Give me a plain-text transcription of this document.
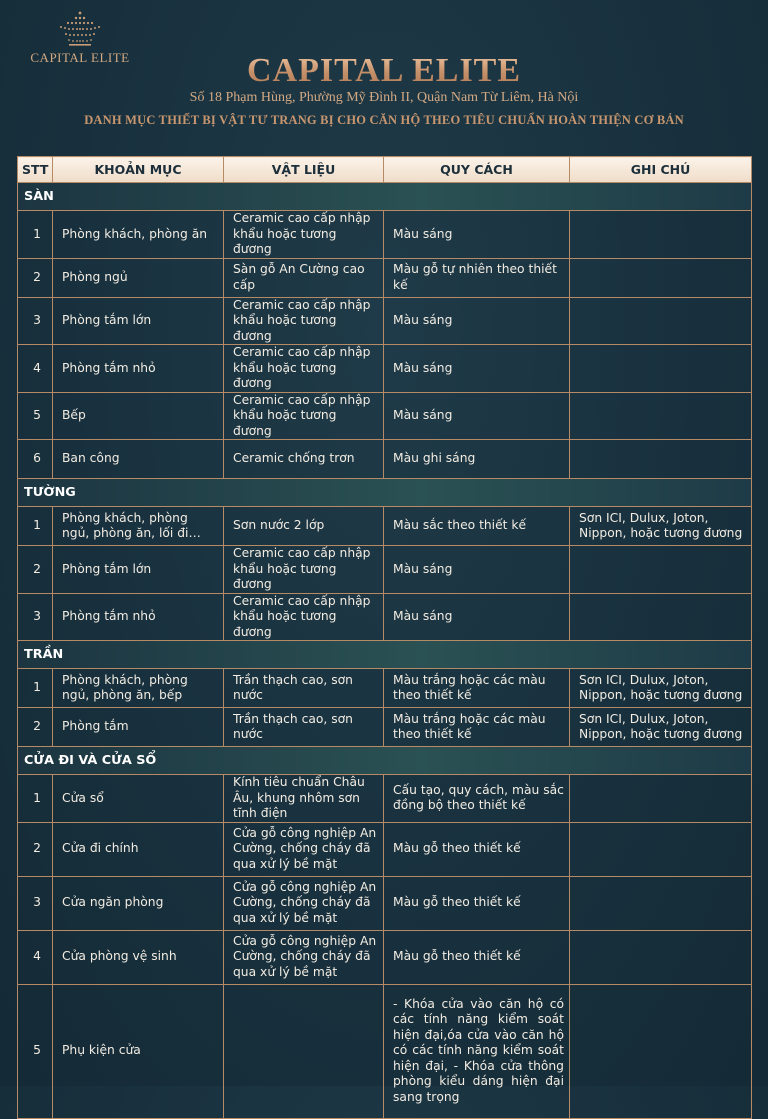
CAPITAL ELITE
Số 18 Phạm Hùng, Phường Mỹ Đình II, Quận Nam Từ Liêm, Hà Nội
DANH MỤC THIẾT BỊ VẬT TƯ TRANG BỊ CHO CĂN HỘ THEO TIÊU CHUẨN HOÀN THIỆN CƠ BẢN
STT	KHOẢN MỤC	VẬT LIỆU	QUY CÁCH	GHI CHÚ
SÀN				
1	Phòng khách, phòng ăn	Ceramic cao cấp nhập khẩu hoặc tương đương	Màu sáng	
2	Phòng ngủ	Sàn gỗ An Cường cao cấp	Màu gỗ tự nhiên theo thiết kế	
3	Phòng tắm lớn	Ceramic cao cấp nhập khẩu hoặc tương đương	Màu sáng	
4	Phòng tắm nhỏ	Ceramic cao cấp nhập khẩu hoặc tương đương	Màu sáng	
5	Bếp	Ceramic cao cấp nhập khẩu hoặc tương đương	Màu sáng	
6	Ban công	Ceramic chống trơn	Màu ghi sáng	
TƯỜNG				
1	Phòng khách, phòng ngủ, phòng ăn, lối đi…	Sơn nước 2 lớp	Màu sắc theo thiết kế	Sơn ICI, Dulux, Joton, Nippon, hoặc tương đương
2	Phòng tắm lớn	Ceramic cao cấp nhập khẩu hoặc tương đương	Màu sáng	
3	Phòng tắm nhỏ	Ceramic cao cấp nhập khẩu hoặc tương đương	Màu sáng	
TRẦN				
1	Phòng khách, phòng ngủ, phòng ăn, bếp	Trần thạch cao, sơn nước	Màu trắng hoặc các màu theo thiết kế	Sơn ICI, Dulux, Joton, Nippon, hoặc tương đương
2	Phòng tắm	Trần thạch cao, sơn nước	Màu trắng hoặc các màu theo thiết kế	Sơn ICI, Dulux, Joton, Nippon, hoặc tương đương
CỬA ĐI VÀ CỬA SỔ				
1	Cửa sổ	Kính tiêu chuẩn Châu Âu, khung nhôm sơn tĩnh điện	Cấu tạo, quy cách, màu sắc đồng bộ theo thiết kế	
2	Cửa đi chính	Cửa gỗ công nghiệp An Cường, chống cháy đã qua xử lý bề mặt	Màu gỗ theo thiết kế	
3	Cửa ngăn phòng	Cửa gỗ công nghiệp An Cường, chống cháy đã qua xử lý bề mặt	Màu gỗ theo thiết kế	
4	Cửa phòng vệ sinh	Cửa gỗ công nghiệp An Cường, chống cháy đã qua xử lý bề mặt	Màu gỗ theo thiết kế	
5	Phụ kiện cửa		- Khóa cửa vào căn hộ có các tính năng kiểm soát hiện đại,óa cửa vào căn hộ có các tính năng kiểm soát hiện đại, - Khóa cửa thông phòng kiểu dáng hiện đại sang trọng	
